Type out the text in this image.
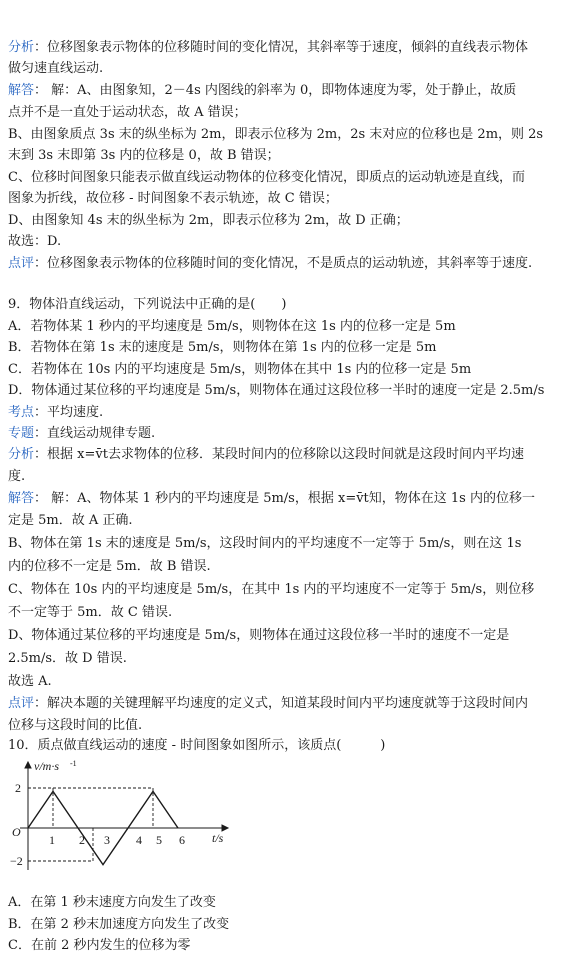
分析：位移图象表示物体的位移随时间的变化情况，其斜率等于速度，倾斜的直线表示物体
做匀速直线运动.
解答： 解：A、由图象知，2－4s 内图线的斜率为 0，即物体速度为零，处于静止，故质
点并不是一直处于运动状态，故 A 错误；
B、由图象质点 3s 末的纵坐标为 2m，即表示位移为 2m，2s 末对应的位移也是 2m，则 2s
末到 3s 末即第 3s 内的位移是 0，故 B 错误；
C、位移时间图象只能表示做直线运动物体的位移变化情况，即质点的运动轨迹是直线，而
图象为折线，故位移 - 时间图象不表示轨迹，故 C 错误；
D、由图象知 4s 末的纵坐标为 2m，即表示位移为 2m，故 D 正确；
故选：D.
点评：位移图象表示物体的位移随时间的变化情况，不是质点的运动轨迹，其斜率等于速度.
9．物体沿直线运动，下列说法中正确的是(　　)
A．若物体某 1 秒内的平均速度是 5m/s，则物体在这 1s 内的位移一定是 5m
B．若物体在第 1s 末的速度是 5m/s，则物体在第 1s 内的位移一定是 5m
C．若物体在 10s 内的平均速度是 5m/s，则物体在其中 1s 内的位移一定是 5m
D．物体通过某位移的平均速度是 5m/s，则物体在通过这段位移一半时的速度一定是 2.5m/s
考点：平均速度.
专题：直线运动规律专题.
分析：根据 x=v̄t去求物体的位移．某段时间内的位移除以这段时间就是这段时间内平均速
度.
解答： 解：A、物体某 1 秒内的平均速度是 5m/s，根据 x=v̄t知，物体在这 1s 内的位移一
定是 5m．故 A 正确.
B、物体在第 1s 末的速度是 5m/s，这段时间内的平均速度不一定等于 5m/s，则在这 1s
内的位移不一定是 5m．故 B 错误.
C、物体在 10s 内的平均速度是 5m/s，在其中 1s 内的平均速度不一定等于 5m/s，则位移
不一定等于 5m．故 C 错误.
D、物体通过某位移的平均速度是 5m/s，则物体在通过这段位移一半时的速度不一定是
2.5m/s．故 D 错误.
故选 A.
点评：解决本题的关键理解平均速度的定义式，知道某段时间内平均速度就等于这段时间内
位移与这段时间的比值.
10．质点做直线运动的速度 - 时间图象如图所示，该质点(　　　)
v/m·s -1
t/s
O
2
−2
1 2 3 4 5 6
A．在第 1 秒末速度方向发生了改变
B．在第 2 秒末加速度方向发生了改变
C．在前 2 秒内发生的位移为零
